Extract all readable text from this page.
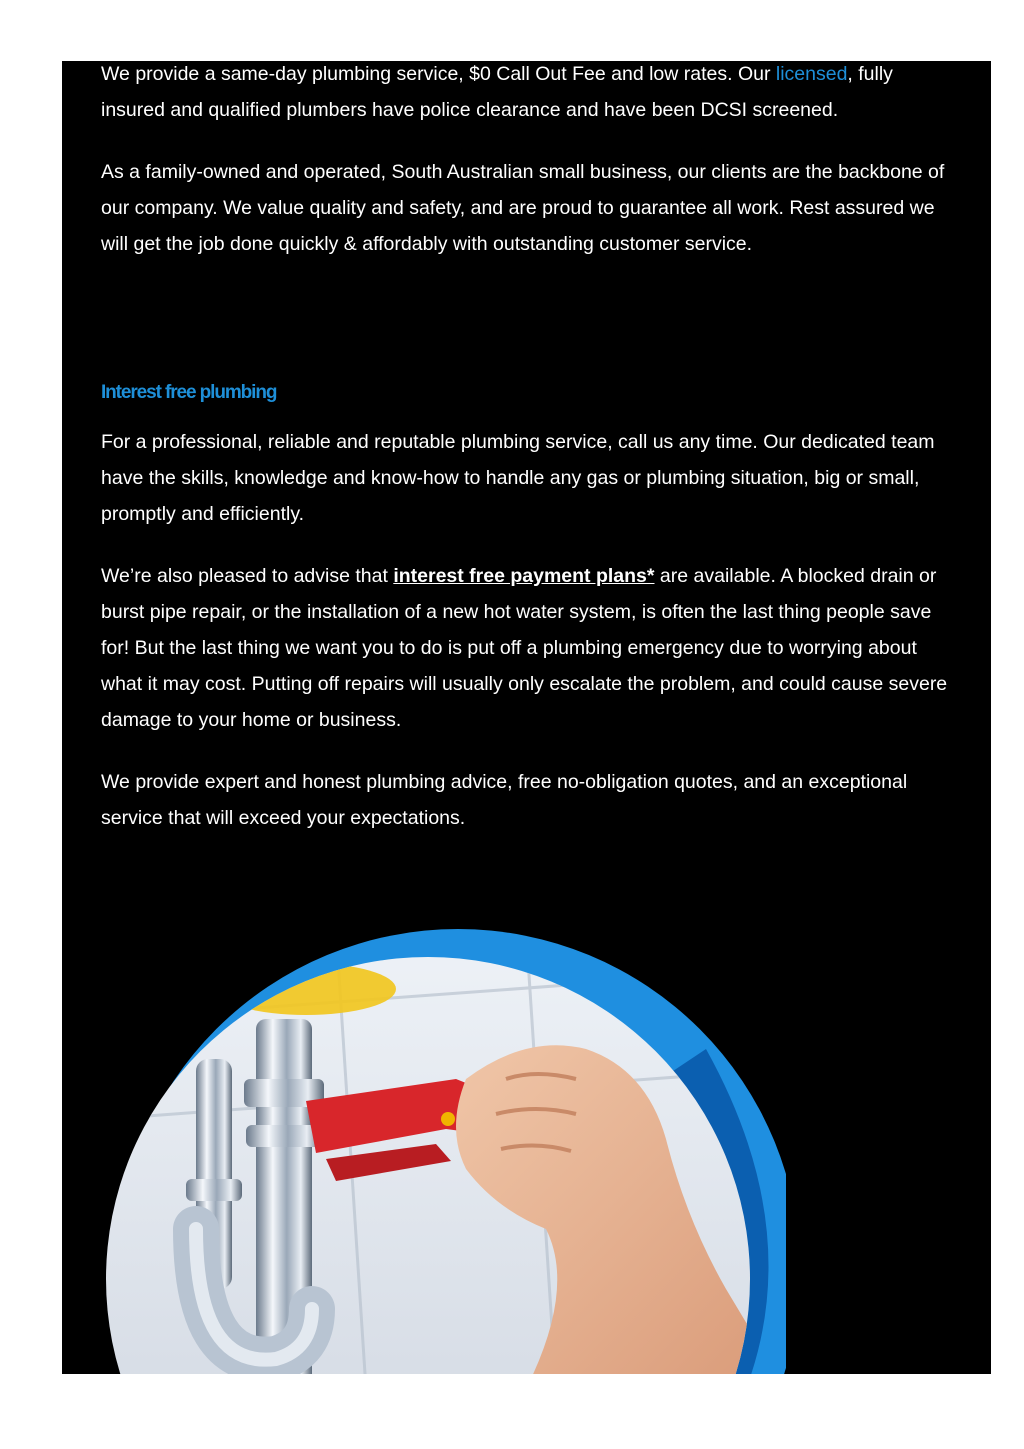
We provide a same-day plumbing service, $0 Call Out Fee and low rates. Our licensed, fully insured and qualified plumbers have police clearance and have been DCSI screened.

As a family-owned and operated, South Australian small business, our clients are the backbone of our company. We value quality and safety, and are proud to guarantee all work. Rest assured we will get the job done quickly & affordably with outstanding customer service.

Interest free plumbing

For a professional, reliable and reputable plumbing service, call us any time. Our dedicated team have the skills, knowledge and know-how to handle any gas or plumbing situation, big or small, promptly and efficiently.

We’re also pleased to advise that interest free payment plans* are available. A blocked drain or burst pipe repair, or the installation of a new hot water system, is often the last thing people save for! But the last thing we want you to do is put off a plumbing emergency due to worrying about what it may cost. Putting off repairs will usually only escalate the problem, and could cause severe damage to your home or business.

We provide expert and honest plumbing advice, free no-obligation quotes, and an exceptional service that will exceed your expectations.
